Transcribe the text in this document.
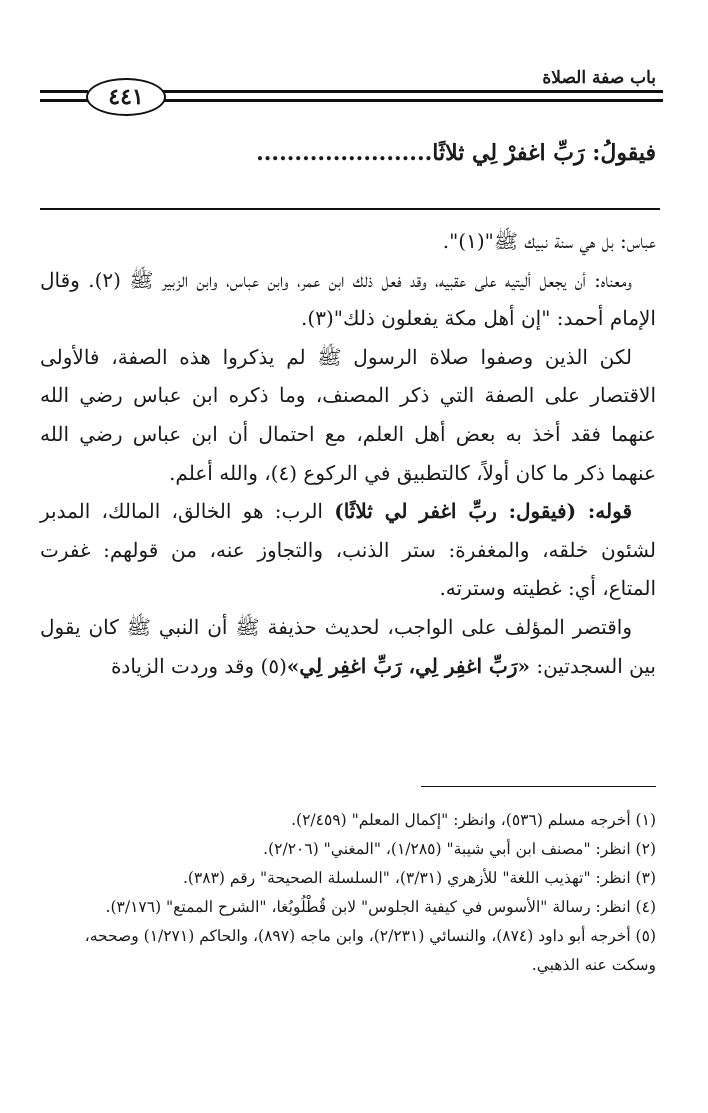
باب صفة الصلاة
٤٤١
فيقولُ: رَبِّ اغفرْ لِي ثلاثًا.......................

عباس: بل هي سنة نبيك ﷺ"(١)".

ومعناه: أن يجعل أليتيه على عقبيه، وقد فعل ذلك ابن عمر، وابن عباس، وابن الزبير ﷺ (٢). وقال الإمام أحمد: "إن أهل مكة يفعلون ذلك"(٣).

لكن الذين وصفوا صلاة الرسول ﷺ لم يذكروا هذه الصفة، فالأولى الاقتصار على الصفة التي ذكر المصنف، وما ذكره ابن عباس رضي الله عنهما فقد أخذ به بعض أهل العلم، مع احتمال أن ابن عباس رضي الله عنهما ذكر ما كان أولاً، كالتطبيق في الركوع (٤)، والله أعلم.

قوله: (فيقول: ربِّ اغفر لي ثلاثًا) الرب: هو الخالق، المالك، المدبر لشئون خلقه، والمغفرة: ستر الذنب، والتجاوز عنه، من قولهم: غفرت المتاع، أي: غطيته وسترته.

واقتصر المؤلف على الواجب، لحديث حذيفة ﷺ أن النبي ﷺ كان يقول بين السجدتين: «رَبِّ اغفِر لِي، رَبِّ اغفِر لِي»(٥) وقد وردت الزيادة

(١) أخرجه مسلم (٥٣٦)، وانظر: "إكمال المعلم" (٢/٤٥٩).

(٢) انظر: "مصنف ابن أبي شيبة" (١/٢٨٥)، "المغني" (٢/٢٠٦).

(٣) انظر: "تهذيب اللغة" للأزهري (٣/٣١)، "السلسلة الصحيحة" رقم (٣٨٣).

(٤) انظر: رسالة "الأسوس في كيفية الجلوس" لابن قُطْلُوبُغا، "الشرح الممتع" (٣/١٧٦).

(٥) أخرجه أبو داود (٨٧٤)، والنسائي (٢/٢٣١)، وابن ماجه (٨٩٧)، والحاكم (١/٢٧١) وصححه، وسكت عنه الذهبي.
